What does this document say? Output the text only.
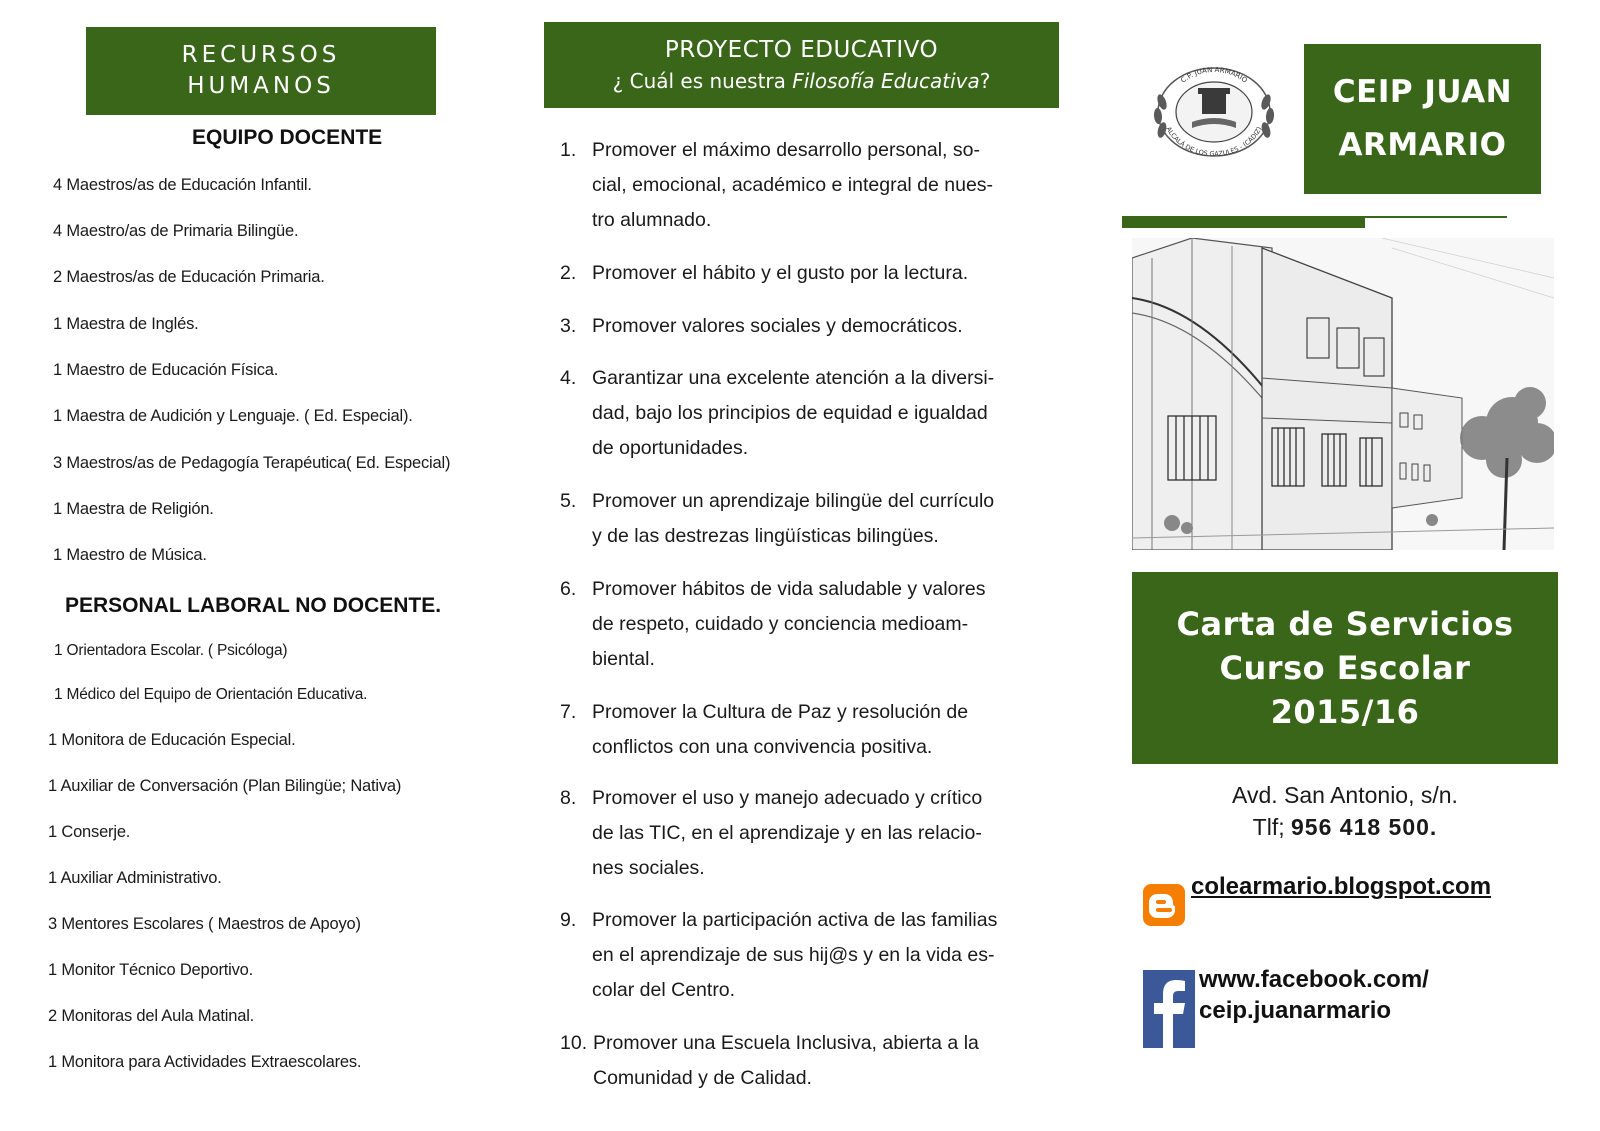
RECURSOS
HUMANOS
EQUIPO DOCENTE
4 Maestros/as de Educación Infantil.
4 Maestro/as de Primaria Bilingüe.
2 Maestros/as de Educación Primaria.
1 Maestra de Inglés.
1 Maestro de Educación Física.
1 Maestra de Audición y Lenguaje. ( Ed. Especial).
3 Maestros/as de Pedagogía Terapéutica( Ed. Especial)
1 Maestra de Religión.
1 Maestro de Música.
PERSONAL LABORAL NO DOCENTE.
1 Orientadora Escolar. ( Psicóloga)
1 Médico del Equipo de Orientación Educativa.
1 Monitora de Educación Especial.
1 Auxiliar de Conversación (Plan Bilingüe; Nativa)
1 Conserje.
1 Auxiliar Administrativo.
3 Mentores Escolares ( Maestros de Apoyo)
1 Monitor Técnico Deportivo.
2 Monitoras del Aula Matinal.
1 Monitora para Actividades Extraescolares.
PROYECTO EDUCATIVO
¿ Cuál es nuestra Filosofía Educativa?
1. Promover el máximo desarrollo personal, so-
cial, emocional, académico e integral de nues-
tro alumnado.
2. Promover el hábito y el gusto por la lectura.
3. Promover valores sociales y democráticos.
4. Garantizar una excelente atención a la diversi-
dad, bajo los principios de equidad e igualdad
de oportunidades.
5. Promover un aprendizaje bilingüe del currículo
y de las destrezas lingüísticas bilingües.
6. Promover hábitos de vida saludable y valores
de respeto, cuidado y conciencia medioam-
biental.
7. Promover la Cultura de Paz y resolución de
conflictos con una convivencia positiva.
8. Promover el uso y manejo adecuado y crítico
de las TIC, en el aprendizaje y en las relacio-
nes sociales.
9. Promover la participación activa de las familias
en el aprendizaje de sus hij@s y en la vida es-
colar del Centro.
10. Promover una Escuela Inclusiva, abierta a la
Comunidad y de Calidad.
C.P. JUAN ARMARIO
ALCALÁ DE LOS GAZULES - (CÁDIZ)
CEIP JUAN
ARMARIO
Carta de Servicios
Curso Escolar
2015/16
Avd. San Antonio, s/n.
Tlf; 956 418 500.
colearmario.blogspot.com
www.facebook.com/
ceip.juanarmario
